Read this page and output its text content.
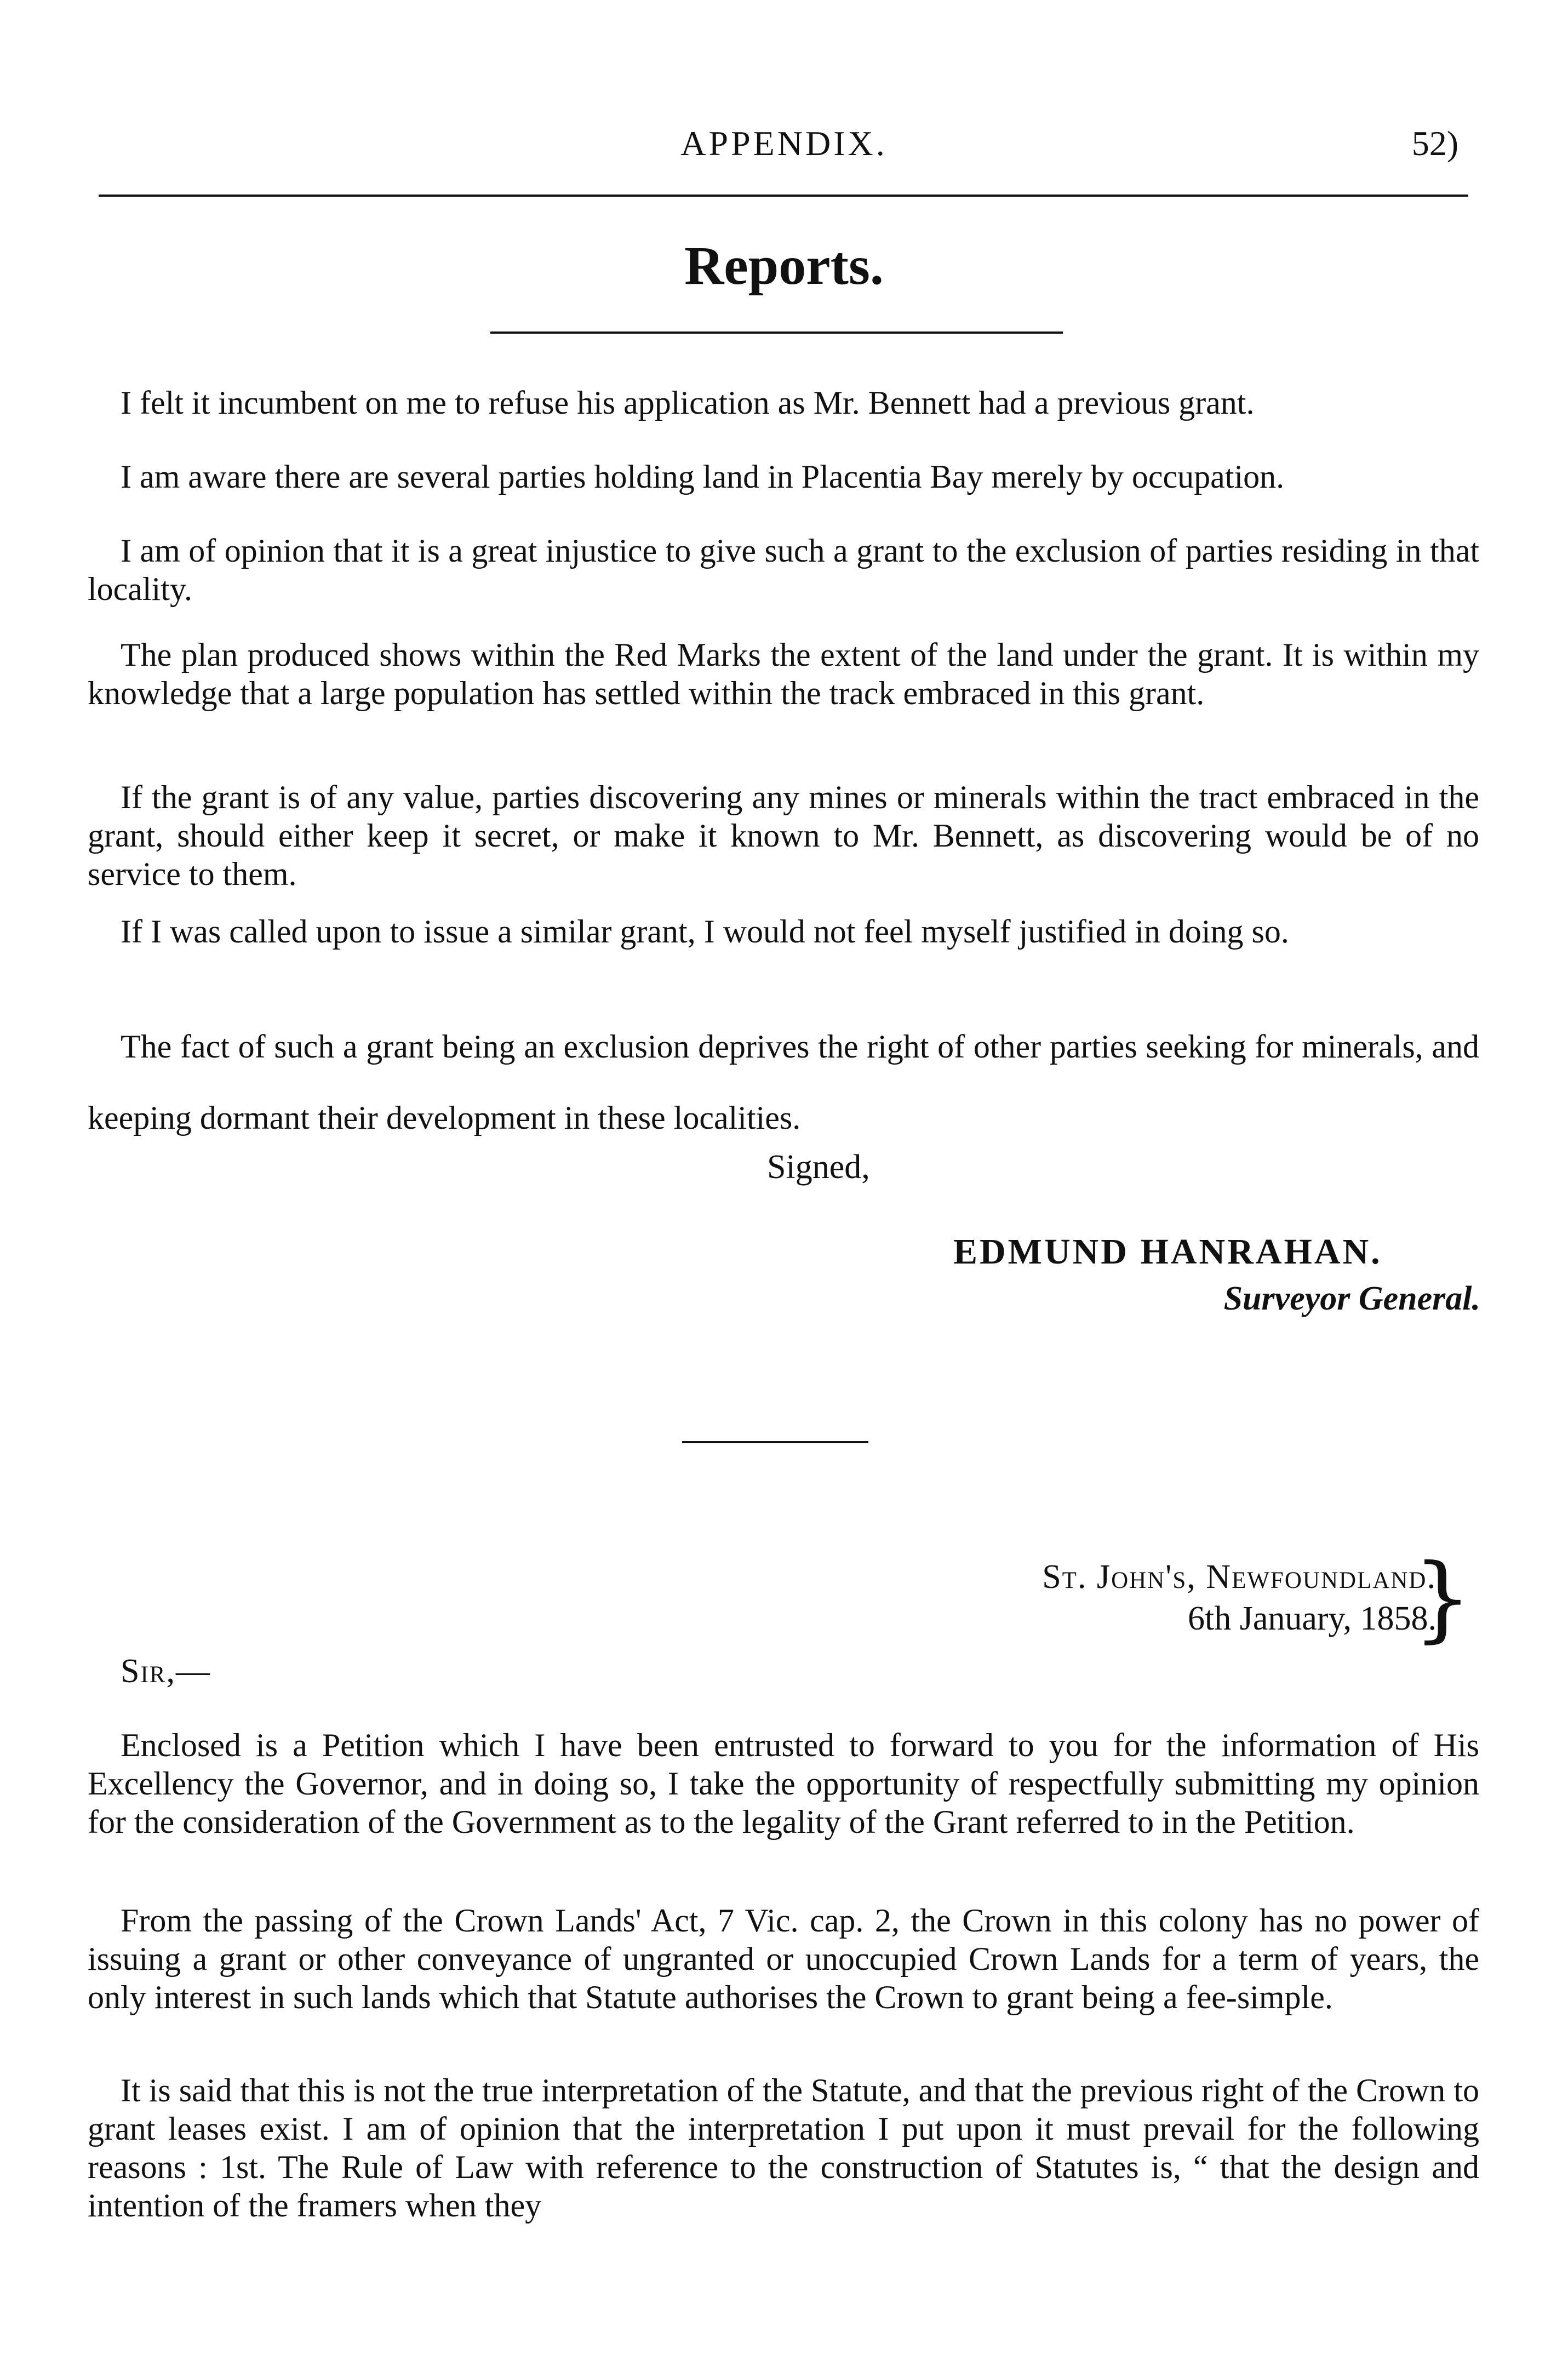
APPENDIX.	52)
Reports.

I felt it incumbent on me to refuse his application as Mr. Bennett had a previous grant.

I am aware there are several parties holding land in Placentia Bay merely by occupation.

I am of opinion that it is a great injustice to give such a grant to the exclusion of parties residing in that locality.

The plan produced shows within the Red Marks the extent of the land under the grant. It is within my knowledge that a large population has settled within the track embraced in this grant.

If the grant is of any value, parties discovering any mines or minerals within the tract embraced in the grant, should either keep it secret, or make it known to Mr. Bennett, as discovering would be of no service to them.

If I was called upon to issue a similar grant, I would not feel myself justified in doing so.

The fact of such a grant being an exclusion deprives the right of other parties seeking for minerals, and keeping dormant their development in these localities.

Signed,
EDMUND HANRAHAN.
Surveyor General.
St. John's, Newfoundland.
6th January, 1858.
}
Sir,—

Enclosed is a Petition which I have been entrusted to forward to you for the information of His Excellency the Governor, and in doing so, I take the opportunity of respectfully submitting my opinion for the consideration of the Government as to the legality of the Grant referred to in the Petition.

From the passing of the Crown Lands' Act, 7 Vic. cap. 2, the Crown in this colony has no power of issuing a grant or other conveyance of ungranted or unoccupied Crown Lands for a term of years, the only interest in such lands which that Statute authorises the Crown to grant being a fee-simple.

It is said that this is not the true interpretation of the Statute, and that the previous right of the Crown to grant leases exist. I am of opinion that the interpretation I put upon it must prevail for the following reasons : 1st. The Rule of Law with reference to the construction of Statutes is, “ that the design and intention of the framers when they
